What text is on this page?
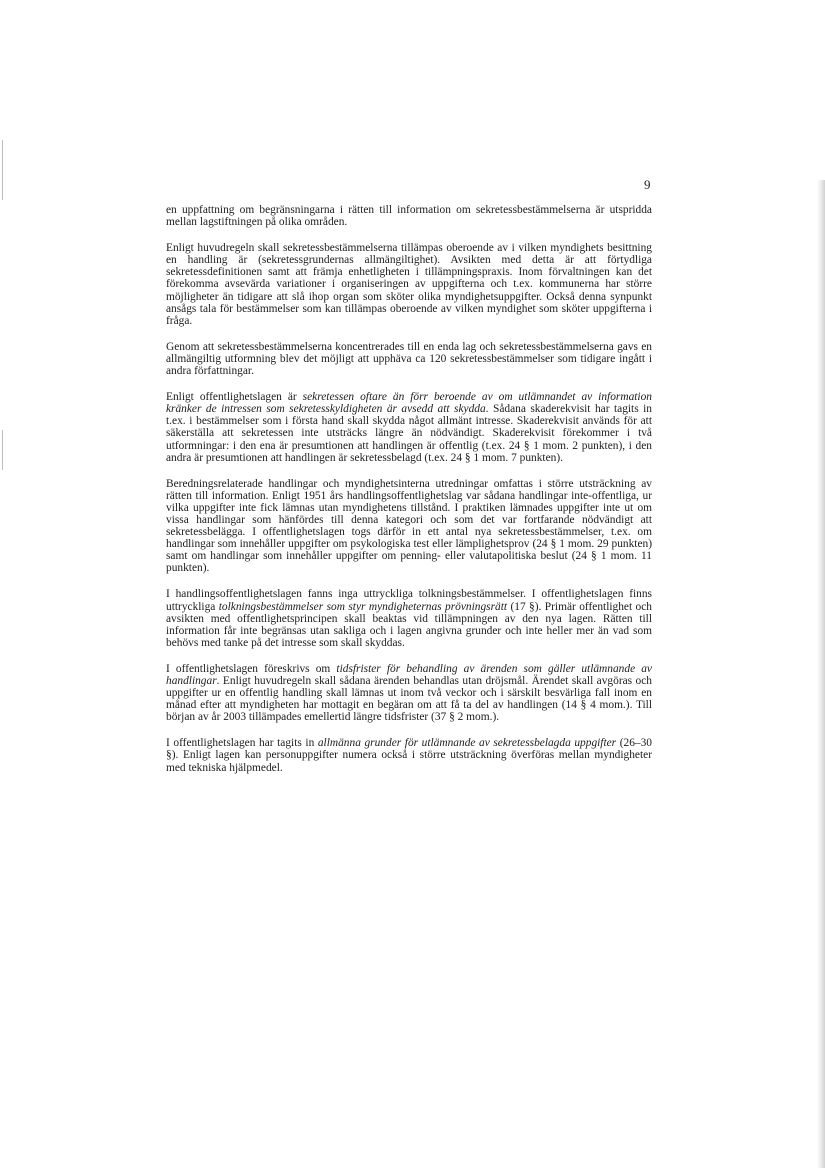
9

en uppfattning om begränsningarna i rätten till information om sekretessbestämmelserna är utspridda mellan lagstiftningen på olika områden.

Enligt huvudregeln skall sekretessbestämmelserna tillämpas oberoende av i vilken myndighets besittning en handling är (sekretessgrundernas allmängiltighet). Avsikten med detta är att förtydliga sekretessdefinitionen samt att främja enhetligheten i tillämpningspraxis. Inom förvaltningen kan det förekomma avsevärda variationer i organiseringen av uppgifterna och t.ex. kommunerna har större möjligheter än tidigare att slå ihop organ som sköter olika myndighetsuppgifter. Också denna synpunkt ansågs tala för bestämmelser som kan tillämpas oberoende av vilken myndighet som sköter uppgifterna i fråga.

Genom att sekretessbestämmelserna koncentrerades till en enda lag och sekretessbestämmelserna gavs en allmängiltig utformning blev det möjligt att upphäva ca 120 sekretessbestämmelser som tidigare ingått i andra författningar.

Enligt offentlighetslagen är sekretessen oftare än förr beroende av om utlämnandet av information kränker de intressen som sekretesskyldigheten är avsedd att skydda. Sådana skaderekvisit har tagits in t.ex. i bestämmelser som i första hand skall skydda något allmänt intresse. Skaderekvisit används för att säkerställa att sekretessen inte utsträcks längre än nödvändigt. Skaderekvisit förekommer i två utformningar: i den ena är presumtionen att handlingen är offentlig (t.ex. 24 § 1 mom. 2 punkten), i den andra är presumtionen att handlingen är sekretessbelagd (t.ex. 24 § 1 mom. 7 punkten).

Beredningsrelaterade handlingar och myndighetsinterna utredningar omfattas i större utsträckning av rätten till information. Enligt 1951 års handlingsoffentlighetslag var sådana handlingar inte-offentliga, ur vilka uppgifter inte fick lämnas utan myndighetens tillstånd. I praktiken lämnades uppgifter inte ut om vissa handlingar som hänfördes till denna kategori och som det var fortfarande nödvändigt att sekretessbelägga. I offentlighetslagen togs därför in ett antal nya sekretessbestämmelser, t.ex. om handlingar som innehåller uppgifter om psykologiska test eller lämplighetsprov (24 § 1 mom. 29 punkten) samt om handlingar som innehåller uppgifter om penning- eller valutapolitiska beslut (24 § 1 mom. 11 punkten).

I handlingsoffentlighetslagen fanns inga uttryckliga tolkningsbestämmelser. I offentlighetslagen finns uttryckliga tolkningsbestämmelser som styr myndigheternas prövningsrätt (17 §). Primär offentlighet och avsikten med offentlighetsprincipen skall beaktas vid tillämpningen av den nya lagen. Rätten till information får inte begränsas utan sakliga och i lagen angivna grunder och inte heller mer än vad som behövs med tanke på det intresse som skall skyddas.

I offentlighetslagen föreskrivs om tidsfrister för behandling av ärenden som gäller utlämnande av handlingar. Enligt huvudregeln skall sådana ärenden behandlas utan dröjsmål. Ärendet skall avgöras och uppgifter ur en offentlig handling skall lämnas ut inom två veckor och i särskilt besvärliga fall inom en månad efter att myndigheten har mottagit en begäran om att få ta del av handlingen (14 § 4 mom.). Till början av år 2003 tillämpades emellertid längre tidsfrister (37 § 2 mom.).

I offentlighetslagen har tagits in allmänna grunder för utlämnande av sekretessbelagda uppgifter (26–30 §). Enligt lagen kan personuppgifter numera också i större utsträckning överföras mellan myndigheter med tekniska hjälpmedel.
